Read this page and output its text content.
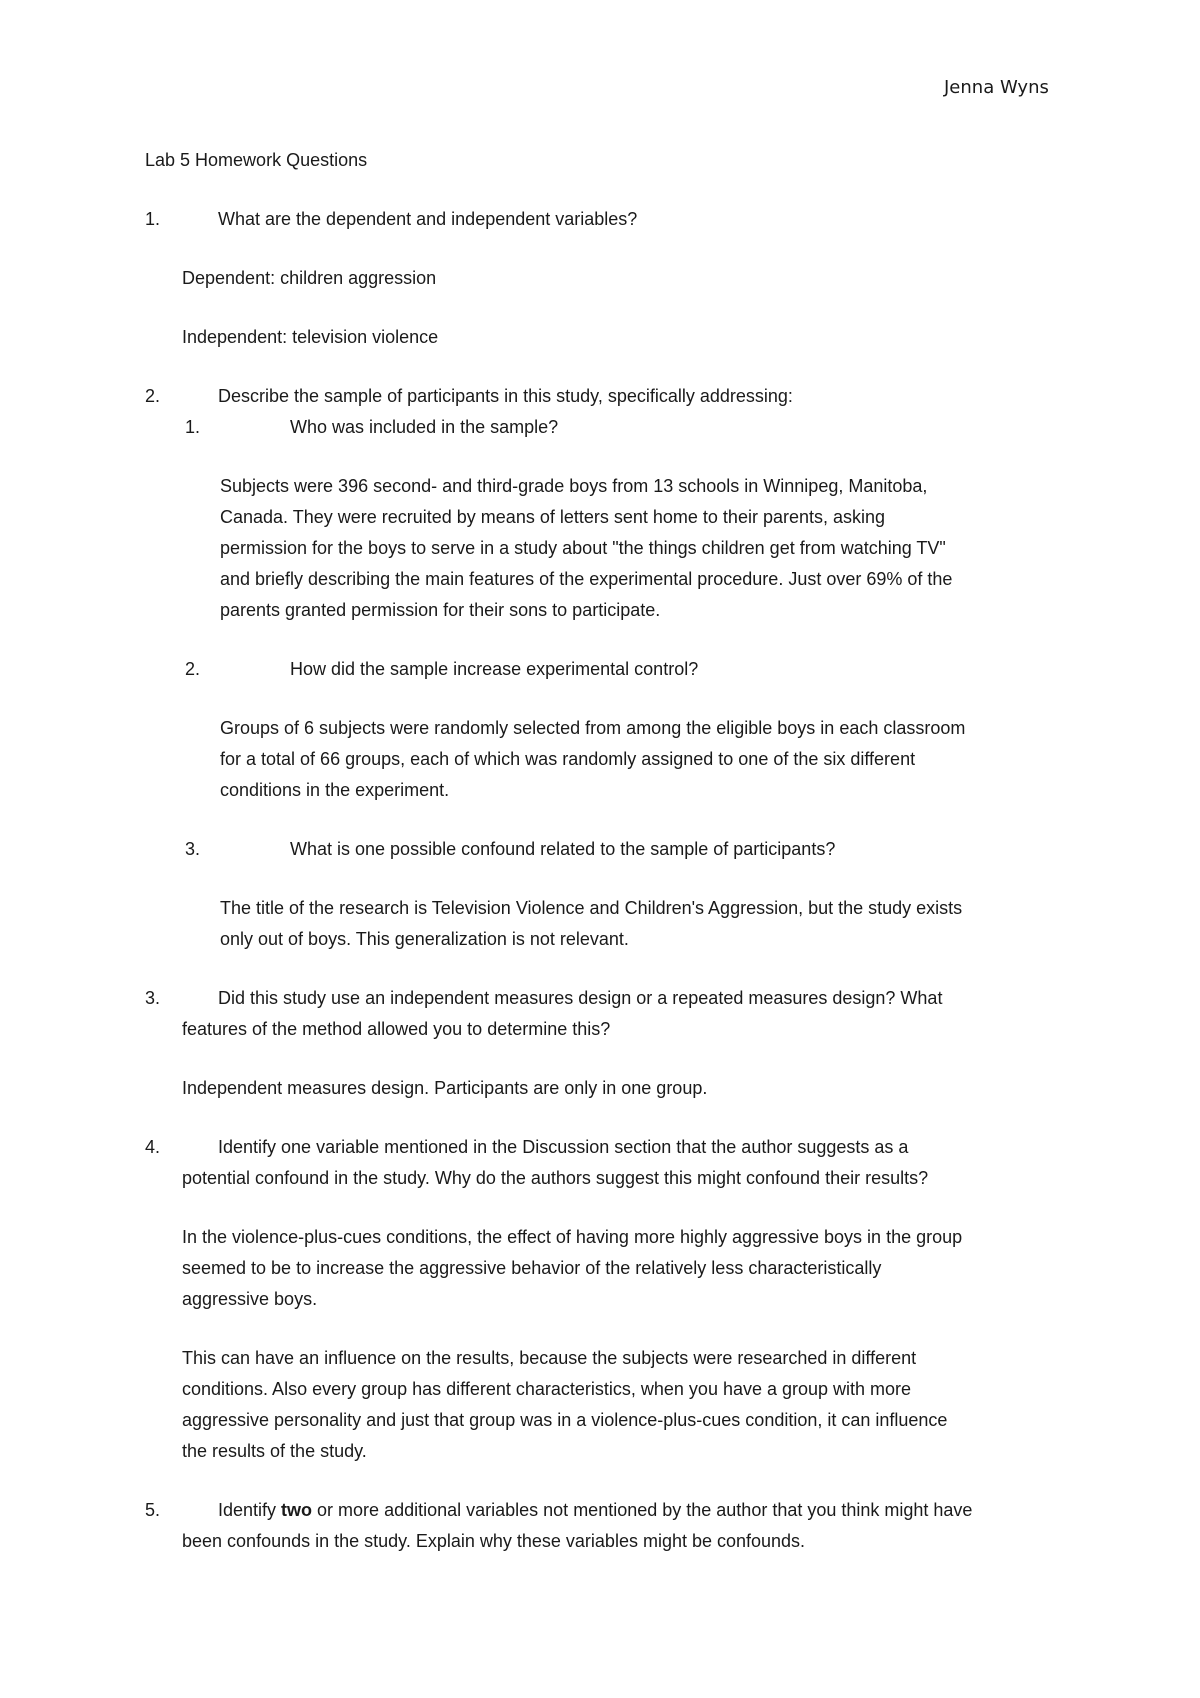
Jenna Wyns
Lab 5 Homework Questions
1.	What are the dependent and independent variables?
Dependent: children aggression
Independent: television violence
2.	Describe the sample of participants in this study, specifically addressing:
1.	Who was included in the sample?
Subjects were 396 second- and third-grade boys from 13 schools in Winnipeg, Manitoba,
Canada. They were recruited by means of letters sent home to their parents, asking
permission for the boys to serve in a study about "the things children get from watching TV"
and briefly describing the main features of the experimental procedure. Just over 69% of the
parents granted permission for their sons to participate.
2.	How did the sample increase experimental control?
Groups of 6 subjects were randomly selected from among the eligible boys in each classroom
for a total of 66 groups, each of which was randomly assigned to one of the six different
conditions in the experiment.
3.	What is one possible confound related to the sample of participants?
The title of the research is Television Violence and Children's Aggression, but the study exists
only out of boys. This generalization is not relevant.
3.	Did this study use an independent measures design or a repeated measures design? What
features of the method allowed you to determine this?
Independent measures design. Participants are only in one group.
4.	Identify one variable mentioned in the Discussion section that the author suggests as a
potential confound in the study. Why do the authors suggest this might confound their results?
In the violence-plus-cues conditions, the effect of having more highly aggressive boys in the group
seemed to be to increase the aggressive behavior of the relatively less characteristically
aggressive boys.
This can have an influence on the results, because the subjects were researched in different
conditions. Also every group has different characteristics, when you have a group with more
aggressive personality and just that group was in a violence-plus-cues condition, it can influence
the results of the study.
5.	Identify two or more additional variables not mentioned by the author that you think might have
been confounds in the study. Explain why these variables might be confounds.
